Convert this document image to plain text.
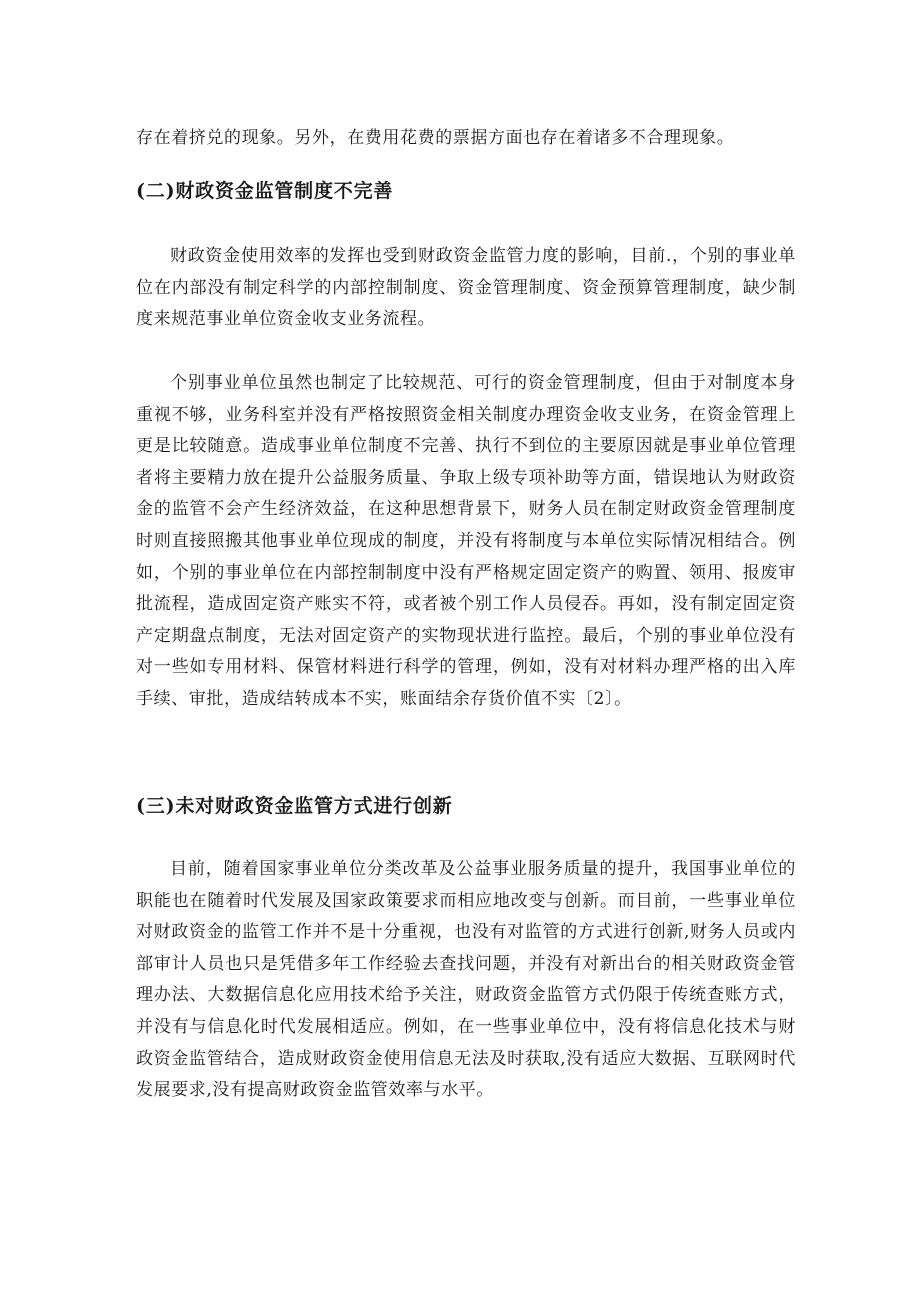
存在着挤兑的现象。另外，在费用花费的票据方面也存在着诸多不合理现象。

(二)财政资金监管制度不完善

财政资金使用效率的发挥也受到财政资金监管力度的影响，目前.，个别的事业单位在内部没有制定科学的内部控制制度、资金管理制度、资金预算管理制度，缺少制度来规范事业单位资金收支业务流程。

个别事业单位虽然也制定了比较规范、可行的资金管理制度，但由于对制度本身重视不够，业务科室并没有严格按照资金相关制度办理资金收支业务，在资金管理上更是比较随意。造成事业单位制度不完善、执行不到位的主要原因就是事业单位管理者将主要精力放在提升公益服务质量、争取上级专项补助等方面，错误地认为财政资金的监管不会产生经济效益，在这种思想背景下，财务人员在制定财政资金管理制度时则直接照搬其他事业单位现成的制度，并没有将制度与本单位实际情况相结合。例如，个别的事业单位在内部控制制度中没有严格规定固定资产的购置、领用、报废审批流程，造成固定资产账实不符，或者被个别工作人员侵吞。再如，没有制定固定资产定期盘点制度，无法对固定资产的实物现状进行监控。最后，个别的事业单位没有对一些如专用材料、保管材料进行科学的管理，例如，没有对材料办理严格的出入库手续、审批，造成结转成本不实，账面结余存货价值不实〔2〕。

(三)未对财政资金监管方式进行创新

目前，随着国家事业单位分类改革及公益事业服务质量的提升，我国事业单位的职能也在随着时代发展及国家政策要求而相应地改变与创新。而目前，一些事业单位对财政资金的监管工作并不是十分重视，也没有对监管的方式进行创新,财务人员或内部审计人员也只是凭借多年工作经验去查找问题，并没有对新出台的相关财政资金管理办法、大数据信息化应用技术给予关注，财政资金监管方式仍限于传统查账方式，并没有与信息化时代发展相适应。例如，在一些事业单位中，没有将信息化技术与财政资金监管结合，造成财政资金使用信息无法及时获取,没有适应大数据、互联网时代发展要求,没有提高财政资金监管效率与水平。
